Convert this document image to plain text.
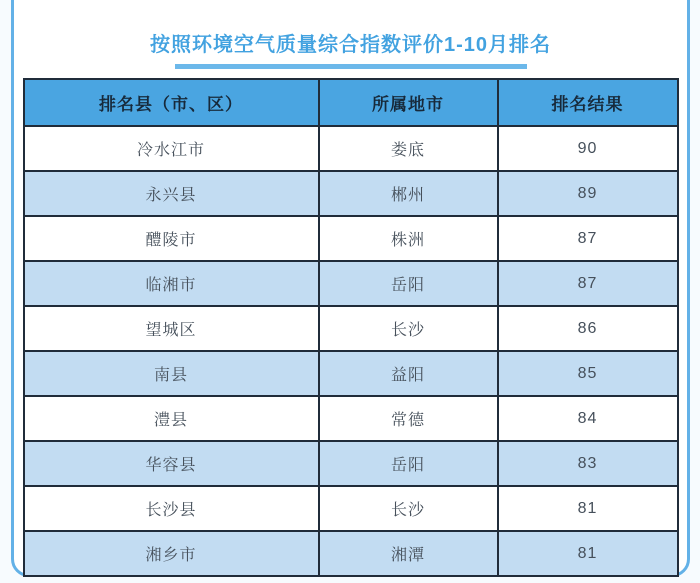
按照环境空气质量综合指数评价1-10月排名
排名县（市、区）	所属地市	排名结果
冷水江市	娄底	90
永兴县	郴州	89
醴陵市	株洲	87
临湘市	岳阳	87
望城区	长沙	86
南县	益阳	85
澧县	常德	84
华容县	岳阳	83
长沙县	长沙	81
湘乡市	湘潭	81
